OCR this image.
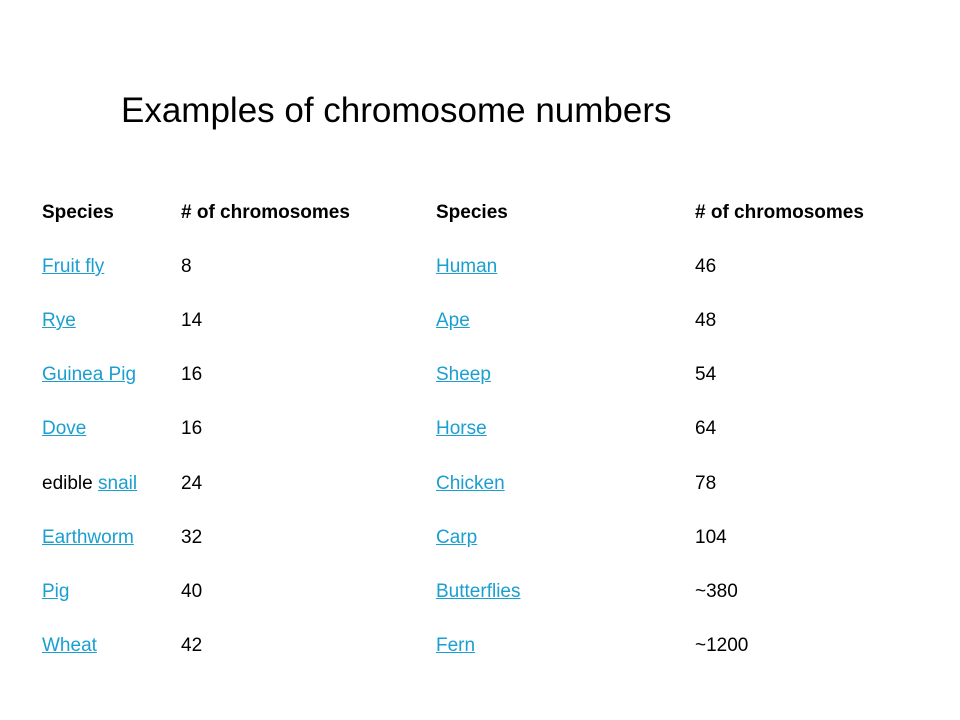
Examples of chromosome numbers
Species	# of chromosomes	Species	# of chromosomes
Fruit fly	8	Human	46
Rye	14	Ape	48
Guinea Pig 16	Sheep	54
Dove	16	Horse	64
edible snail 24	Chicken	78
Earthworm 32	Carp	104
Pig	40	Butterflies	~380
Wheat	42	Fern	~1200
